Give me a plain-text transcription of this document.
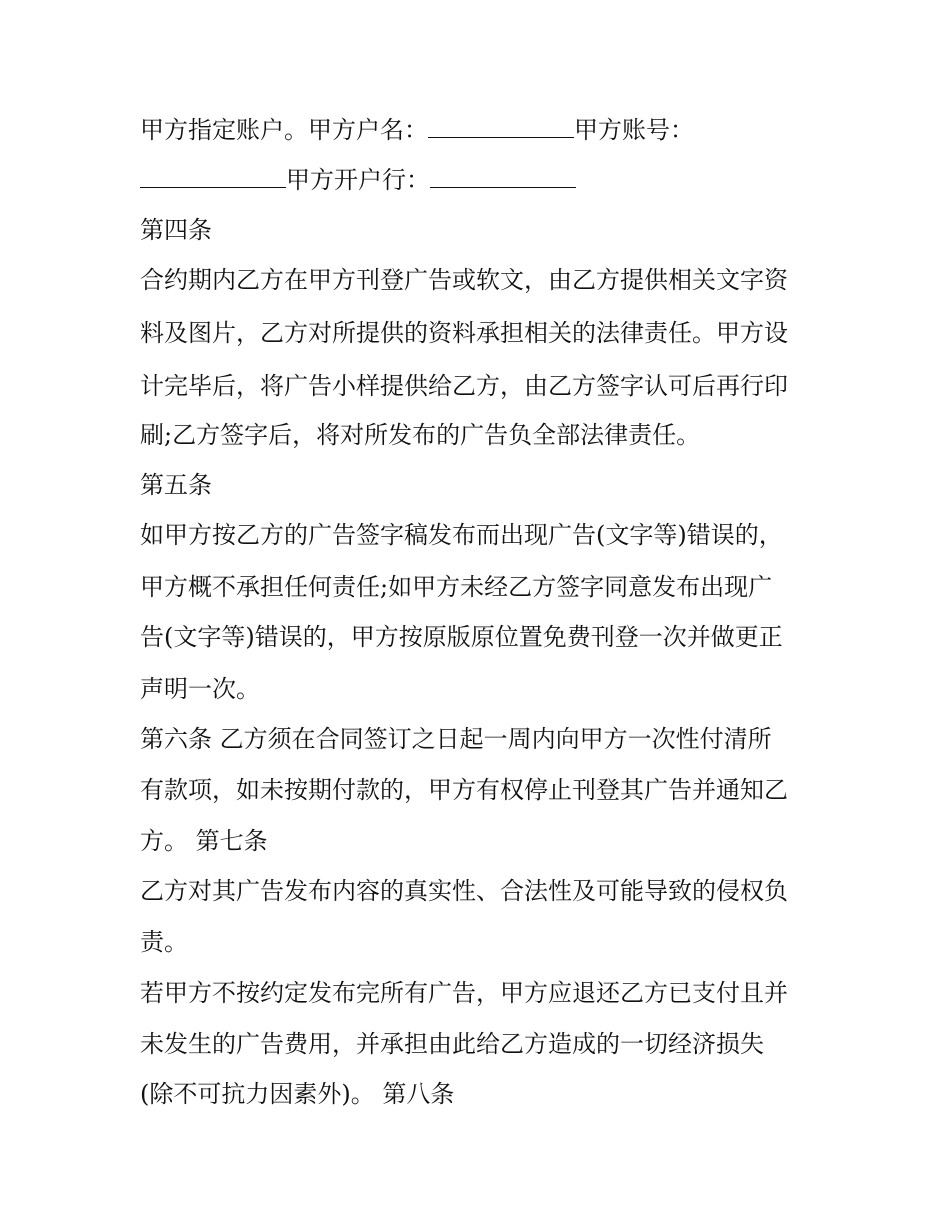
甲方指定账户。甲方户名：	甲方账号：
甲方开户行：
第四条
合约期内乙方在甲方刊登广告或软文，由乙方提供相关文字资
料及图片，乙方对所提供的资料承担相关的法律责任。甲方设
计完毕后，将广告小样提供给乙方，由乙方签字认可后再行印
刷;乙方签字后，将对所发布的广告负全部法律责任。
第五条
如甲方按乙方的广告签字稿发布而出现广告(文字等)错误的，
甲方概不承担任何责任;如甲方未经乙方签字同意发布出现广
告(文字等)错误的，甲方按原版原位置免费刊登一次并做更正
声明一次。
第六条 乙方须在合同签订之日起一周内向甲方一次性付清所
有款项，如未按期付款的，甲方有权停止刊登其广告并通知乙
方。 第七条
乙方对其广告发布内容的真实性、合法性及可能导致的侵权负
责。
若甲方不按约定发布完所有广告，甲方应退还乙方已支付且并
未发生的广告费用，并承担由此给乙方造成的一切经济损失
(除不可抗力因素外)。 第八条
